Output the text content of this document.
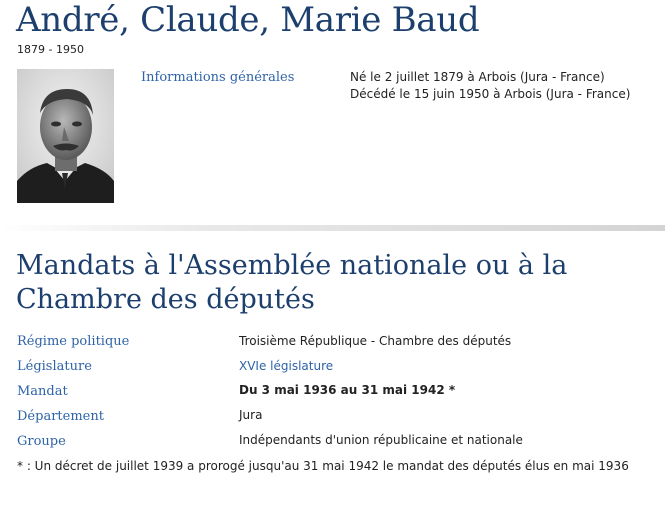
André, Claude, Marie Baud
1879 - 1950
Informations générales	Né le 2 juillet 1879 à Arbois (Jura - France)
Décédé le 15 juin 1950 à Arbois (Jura - France)
Mandats à l'Assemblée nationale ou à la Chambre des députés
Régime politique	Troisième République - Chambre des députés
Législature	XVIe législature
Mandat	Du 3 mai 1936 au 31 mai 1942 *
Département	Jura
Groupe	Indépendants d'union républicaine et nationale
* : Un décret de juillet 1939 a prorogé jusqu'au 31 mai 1942 le mandat des députés élus en mai 1936
